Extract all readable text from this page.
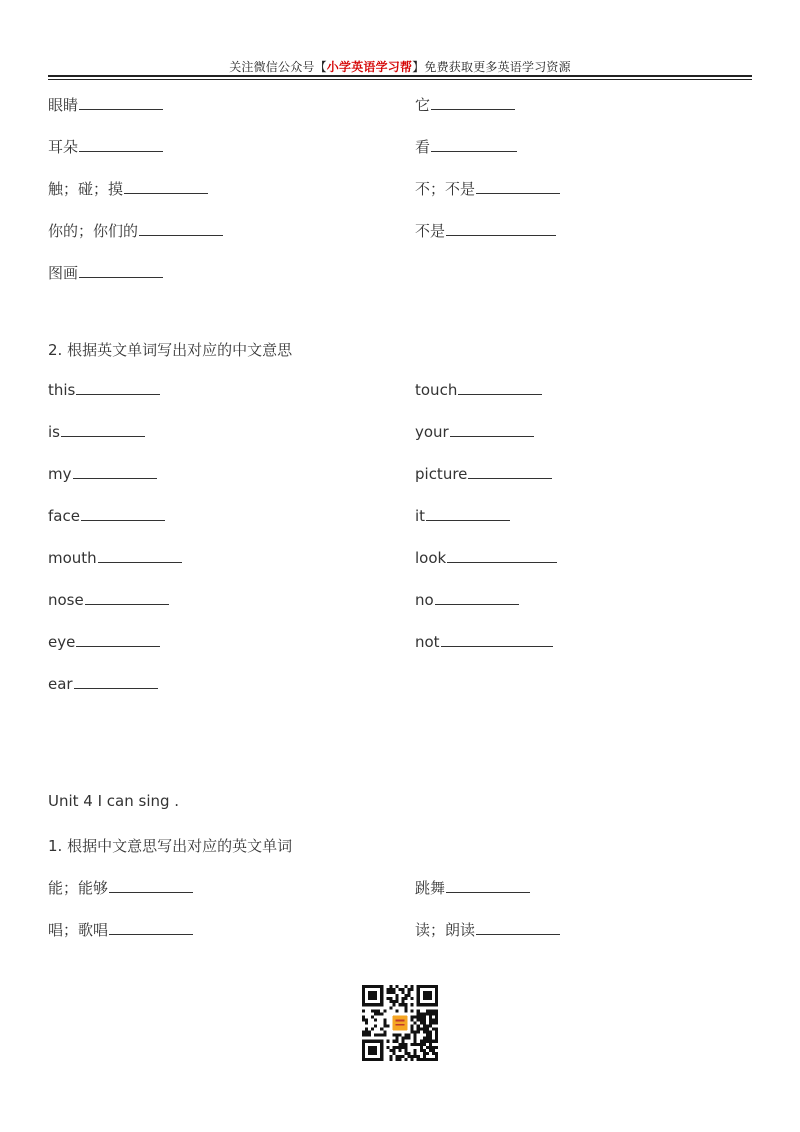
关注微信公众号【小学英语学习帮】免费获取更多英语学习资源
眼睛
耳朵
触；碰；摸
你的；你们的
图画
它
看
不；不是
不是
2. 根据英文单词写出对应的中文意思
this
is
my
face
mouth
nose
eye
ear
touch
your
picture
it
look
no
not
Unit 4 I can sing .
1. 根据中文意思写出对应的英文单词
能；能够
唱；歌唱
跳舞
读；朗读
